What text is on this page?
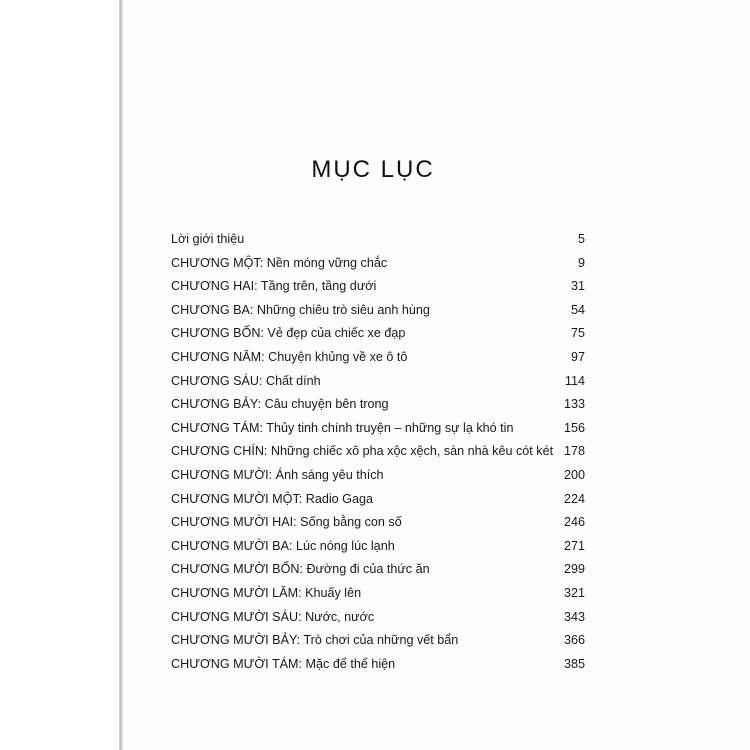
MỤC LỤC
Lời giới thiệu	5
CHƯƠNG MỘT: Nền móng vững chắc	9
CHƯƠNG HAI: Tầng trên, tầng dưới	31
CHƯƠNG BA: Những chiêu trò siêu anh hùng	54
CHƯƠNG BỐN: Vẻ đẹp của chiếc xe đạp	75
CHƯƠNG NĂM: Chuyện khủng về xe ô tô	97
CHƯƠNG SÁU: Chất dính	114
CHƯƠNG BẢY: Câu chuyện bên trong	133
CHƯƠNG TÁM: Thủy tinh chính truyện – những sự lạ khó tin	156
CHƯƠNG CHÍN: Những chiếc xô pha xộc xệch, sàn nhà kêu cót két 178
CHƯƠNG MƯỜI: Ánh sáng yêu thích	200
CHƯƠNG MƯỜI MỘT: Radio Gaga	224
CHƯƠNG MƯỜI HAI: Sống bằng con số	246
CHƯƠNG MƯỜI BA: Lúc nóng lúc lạnh	271
CHƯƠNG MƯỜI BỐN: Đường đi của thức ăn	299
CHƯƠNG MƯỜI LĂM: Khuấy lên	321
CHƯƠNG MƯỜI SÁU: Nước, nước	343
CHƯƠNG MƯỜI BẢY: Trò chơi của những vết bẩn	366
CHƯƠNG MƯỜI TÁM: Mặc để thể hiện	385
